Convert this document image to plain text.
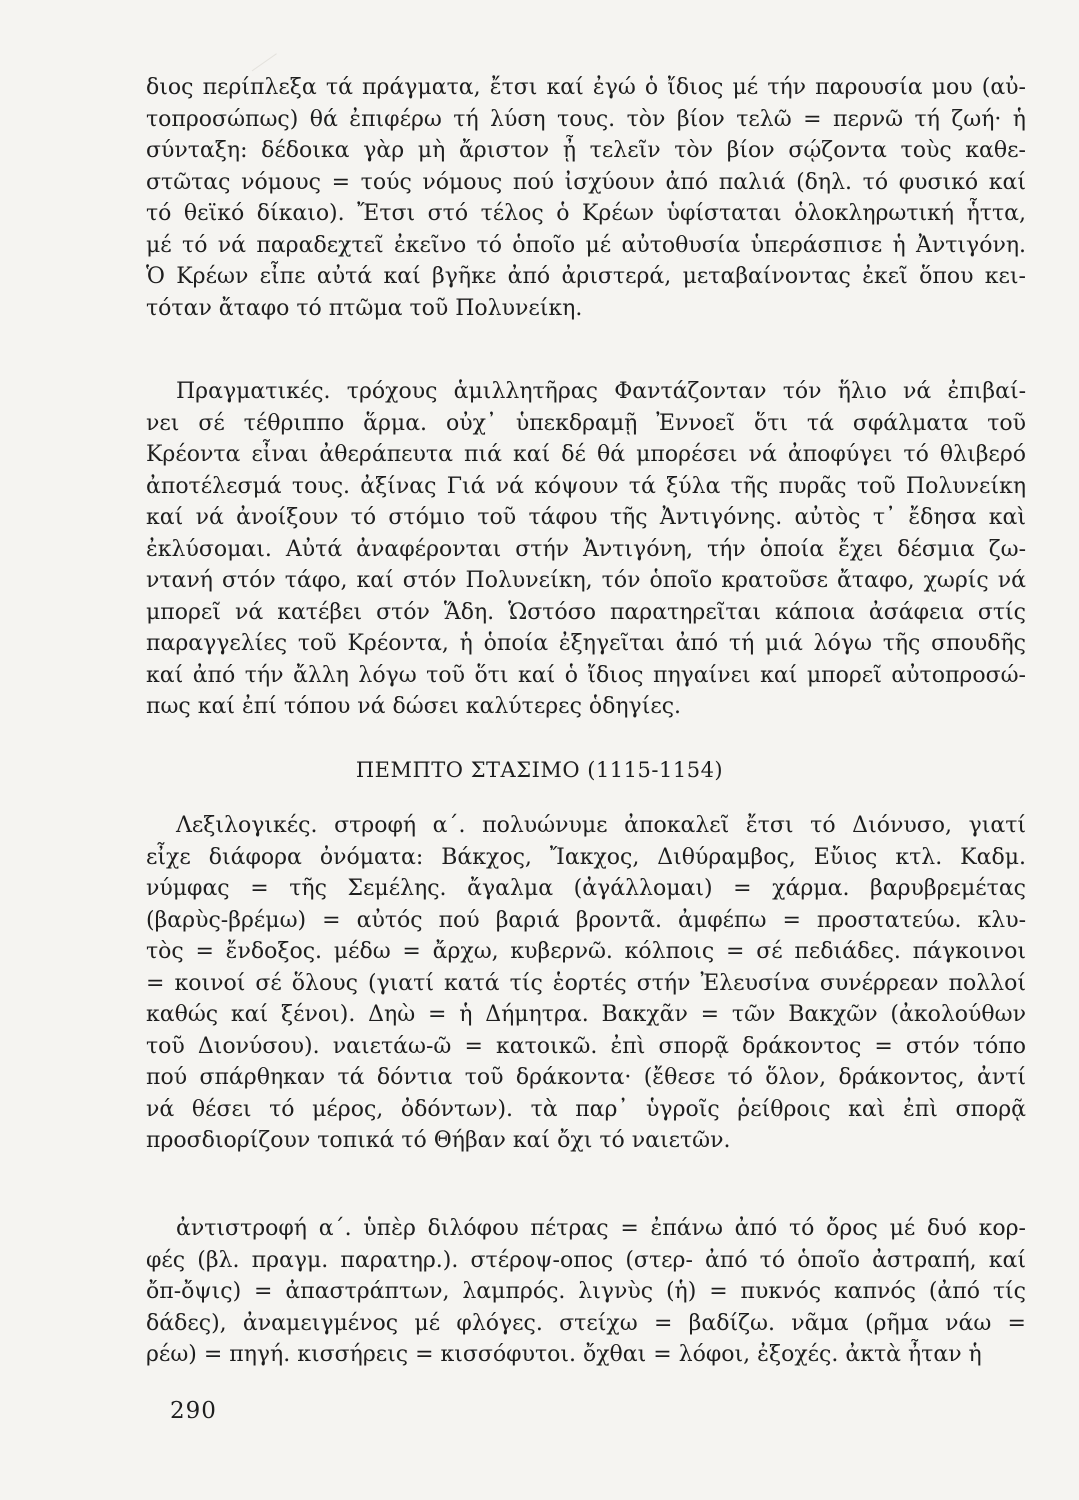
διος περίπλεξα τά πράγματα, ἔτσι καί ἐγώ ὁ ἴδιος μέ τήν παρουσία μου (αὐ-
τοπροσώπως) θά ἐπιφέρω τή λύση τους. τὸν βίον τελῶ = περνῶ τή ζωή· ἡ
σύνταξη: δέδοικα γὰρ μὴ ἄριστον ᾖ τελεῖν τὸν βίον σῴζοντα τοὺς καθε-
στῶτας νόμους = τούς νόμους πού ἰσχύουν ἀπό παλιά (δηλ. τό φυσικό καί
τό θεϊκό δίκαιο). Ἔτσι στό τέλος ὁ Κρέων ὑφίσταται ὁλοκληρωτική ἧττα,
μέ τό νά παραδεχτεῖ ἐκεῖνο τό ὁποῖο μέ αὐτοθυσία ὑπεράσπισε ἡ Ἀντιγόνη.
Ὁ Κρέων εἶπε αὐτά καί βγῆκε ἀπό ἀριστερά, μεταβαίνοντας ἐκεῖ ὅπου κει-
τόταν ἄταφο τό πτῶμα τοῦ Πολυνείκη.
Πραγματικές. τρόχους ἁμιλλητῆρας Φαντάζονταν τόν ἥλιο νά ἐπιβαί-
νει σέ τέθριππο ἅρμα. οὐχ᾽ ὑπεκδραμῇ Ἐννοεῖ ὅτι τά σφάλματα τοῦ
Κρέοντα εἶναι ἀθεράπευτα πιά καί δέ θά μπορέσει νά ἀποφύγει τό θλιβερό
ἀποτέλεσμά τους. ἀξίνας Γιά νά κόψουν τά ξύλα τῆς πυρᾶς τοῦ Πολυνείκη
καί νά ἀνοίξουν τό στόμιο τοῦ τάφου τῆς Ἀντιγόνης. αὐτὸς τ᾽ ἔδησα καὶ
ἐκλύσομαι. Αὐτά ἀναφέρονται στήν Ἀντιγόνη, τήν ὁποία ἔχει δέσμια ζω-
ντανή στόν τάφο, καί στόν Πολυνείκη, τόν ὁποῖο κρατοῦσε ἄταφο, χωρίς νά
μπορεῖ νά κατέβει στόν Ἅδη. Ὡστόσο παρατηρεῖται κάποια ἀσάφεια στίς
παραγγελίες τοῦ Κρέοντα, ἡ ὁποία ἐξηγεῖται ἀπό τή μιά λόγω τῆς σπουδῆς
καί ἀπό τήν ἄλλη λόγω τοῦ ὅτι καί ὁ ἴδιος πηγαίνει καί μπορεῖ αὐτοπροσώ-
πως καί ἐπί τόπου νά δώσει καλύτερες ὁδηγίες.
ΠΕΜΠΤΟ ΣΤΑΣΙΜΟ (1115-1154)
Λεξιλογικές. στροφή α΄. πολυώνυμε ἀποκαλεῖ ἔτσι τό Διόνυσο, γιατί
εἶχε διάφορα ὀνόματα: Βάκχος, Ἴακχος, Διθύραμβος, Εὔιος κτλ. Καδμ.
νύμφας = τῆς Σεμέλης. ἄγαλμα (ἀγάλλομαι) = χάρμα. βαρυβρεμέτας
(βαρὺς-βρέμω) = αὐτός πού βαριά βροντᾶ. ἀμφέπω = προστατεύω. κλυ-
τὸς = ἔνδοξος. μέδω = ἄρχω, κυβερνῶ. κόλποις = σέ πεδιάδες. πάγκοινοι
= κοινοί σέ ὅλους (γιατί κατά τίς ἑορτές στήν Ἐλευσίνα συνέρρεαν πολλοί
καθώς καί ξένοι). Δηὼ = ἡ Δήμητρα. Βακχᾶν = τῶν Βακχῶν (ἀκολούθων
τοῦ Διονύσου). ναιετάω-ῶ = κατοικῶ. ἐπὶ σπορᾷ δράκοντος = στόν τόπο
πού σπάρθηκαν τά δόντια τοῦ δράκοντα· (ἔθεσε τό ὅλον, δράκοντος, ἀντί
νά θέσει τό μέρος, ὀδόντων). τὰ παρ᾽ ὑγροῖς ῥείθροις καὶ ἐπὶ σπορᾷ
προσδιορίζουν τοπικά τό Θήβαν καί ὄχι τό ναιετῶν.
ἀντιστροφή α΄. ὑπὲρ διλόφου πέτρας = ἐπάνω ἀπό τό ὄρος μέ δυό κορ-
φές (βλ. πραγμ. παρατηρ.). στέροψ-οπος (στερ- ἀπό τό ὁποῖο ἀστραπή, καί
ὄπ-ὄψις) = ἀπαστράπτων, λαμπρός. λιγνὺς (ἡ) = πυκνός καπνός (ἀπό τίς
δάδες), ἀναμειγμένος μέ φλόγες. στείχω = βαδίζω. νᾶμα (ρῆμα νάω =
ρέω) = πηγή. κισσήρεις = κισσόφυτοι. ὄχθαι = λόφοι, ἐξοχές. ἀκτὰ ἦταν ἡ
290
